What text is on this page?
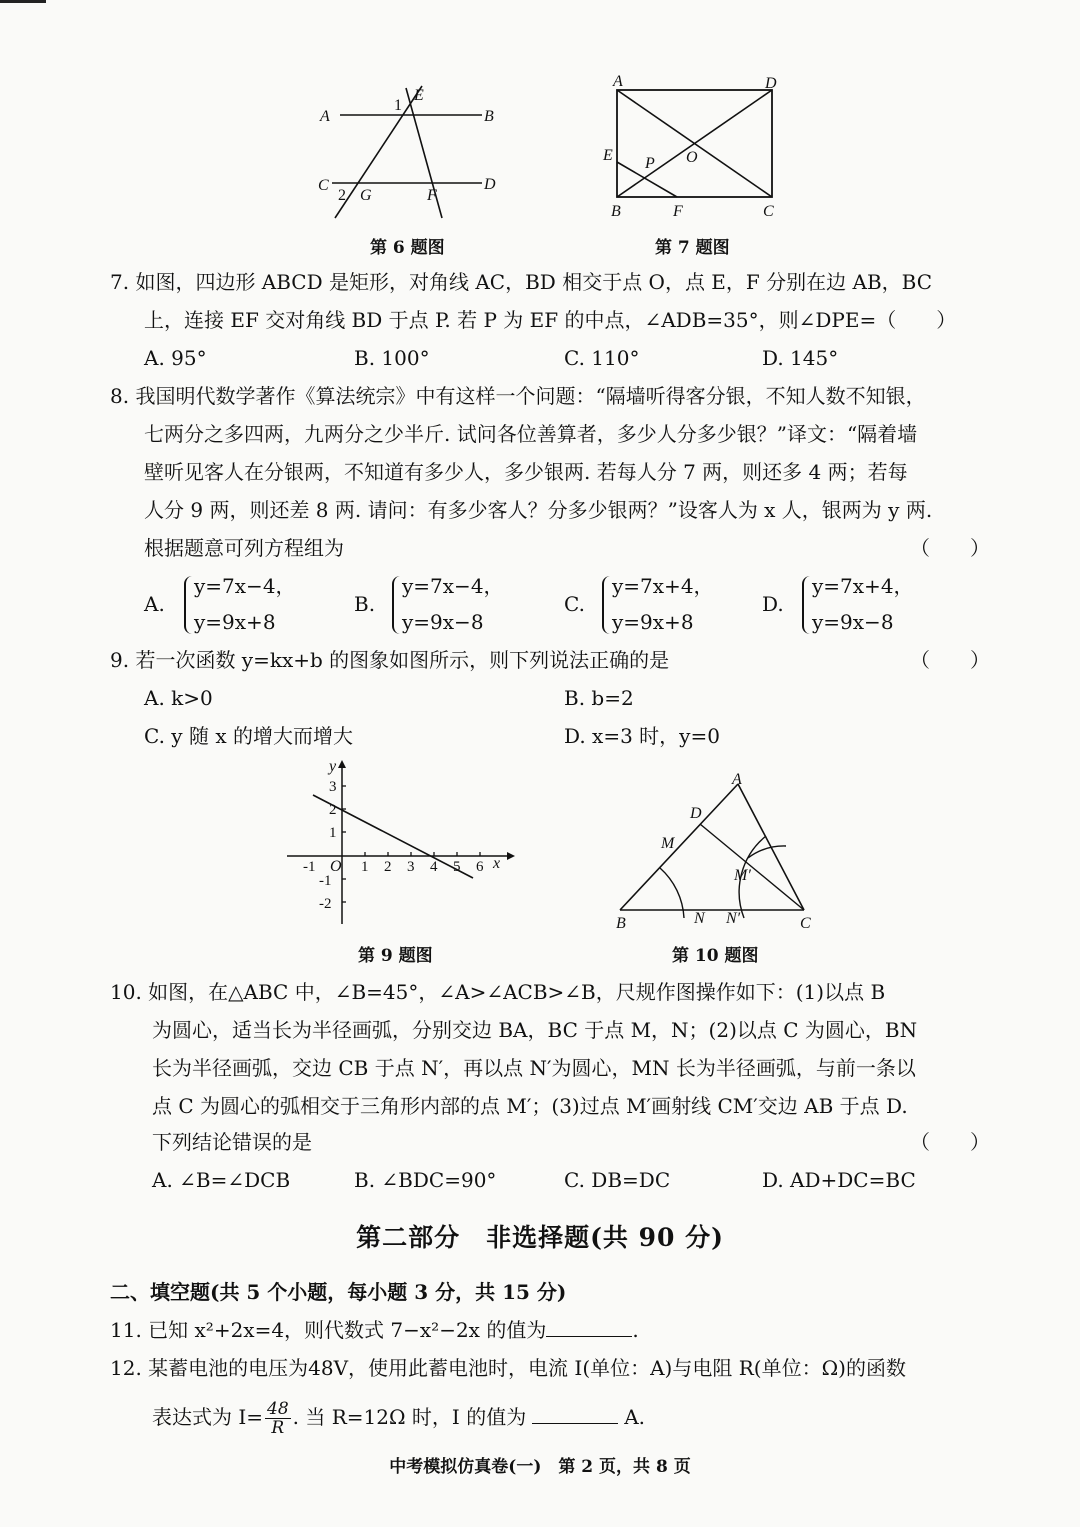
A	B
C	D
E
F
G
1
2
第 6 题图
A	D
B	F	C
E P O
第 7 题图
7. 如图，四边形 ABCD 是矩形，对角线 AC，BD 相交于点 O，点 E，F 分别在边 AB，BC
上，连接 EF 交对角线 BD 于点 P. 若 P 为 EF 的中点，∠ADB=35°，则∠DPE=（　　）
A. 95°	B. 100°	C. 110°	D. 145°
8. 我国明代数学著作《算法统宗》中有这样一个问题：“隔墙听得客分银，不知人数不知银，
七两分之多四两，九两分之少半斤. 试问各位善算者，多少人分多少银？”译文：“隔着墙
壁听见客人在分银两，不知道有多少人，多少银两. 若每人分 7 两，则还多 4 两；若每
人分 9 两，则还差 8 两. 请问：有多少客人？分多少银两？”设客人为 x 人，银两为 y 两.
根据题意可列方程组为	（　　）
A.
y=7x−4，
y=9x+8
B.
y=7x−4，
y=9x−8
C.
y=7x+4，
y=9x+8
D.
y=7x+4，
y=9x−8
9. 若一次函数 y=kx+b 的图象如图所示，则下列说法正确的是	（　　）
A. k>0	B. b=2
C. y 随 x 的增大而增大	D. x=3 时，y=0
y
x
O
3
2
1
-1
-2
-1	1 2 3 4 5 6
第 9 题图
A
B	C
D
M
N N′
M′
第 10 题图
10. 如图，在△ABC 中，∠B=45°，∠A>∠ACB>∠B，尺规作图操作如下：(1)以点 B
为圆心，适当长为半径画弧，分别交边 BA，BC 于点 M，N；(2)以点 C 为圆心，BN
长为半径画弧，交边 CB 于点 N′，再以点 N′为圆心，MN 长为半径画弧，与前一条以
点 C 为圆心的弧相交于三角形内部的点 M′；(3)过点 M′画射线 CM′交边 AB 于点 D.
下列结论错误的是	（　　）
A. ∠B=∠DCB	B. ∠BDC=90°	C. DB=DC	D. AD+DC=BC
第二部分　非选择题(共 90 分)
二、填空题(共 5 个小题，每小题 3 分，共 15 分)
11. 已知 x²+2x=4，则代数式 7−x²−2x 的值为	.
12. 某蓄电池的电压为48V，使用此蓄电池时，电流 I(单位：A)与电阻 R(单位：Ω)的函数
表达式为 $I= \frac{48}{R}$ . 当 R=12Ω 时，I 的值为	A.
中考模拟仿真卷(一)　第 2 页，共 8 页
